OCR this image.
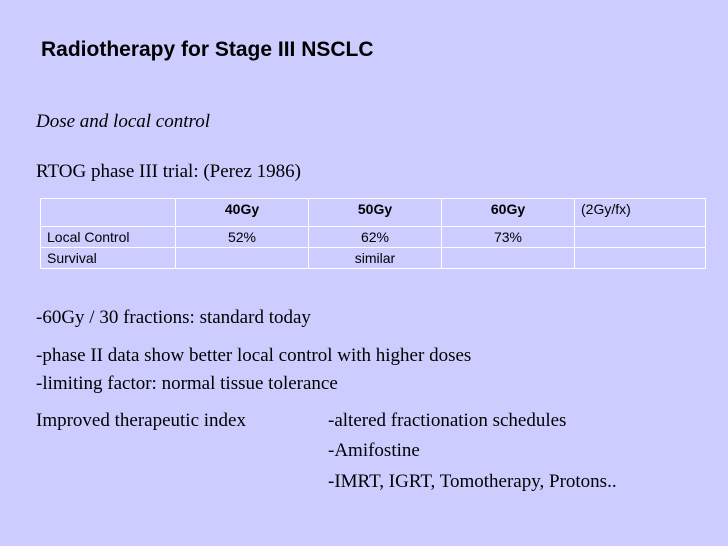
Radiotherapy for Stage III NSCLC
Dose and local control
RTOG phase III trial: (Perez 1986)
	40Gy	50Gy	60Gy	(2Gy/fx)
Local Control	52%	62%	73%	
Survival		similar		
-60Gy / 30 fractions: standard today
-phase II data show better local control with higher doses
-limiting factor: normal tissue tolerance
Improved therapeutic index	-altered fractionation schedules
-Amifostine
-IMRT, IGRT, Tomotherapy, Protons..
